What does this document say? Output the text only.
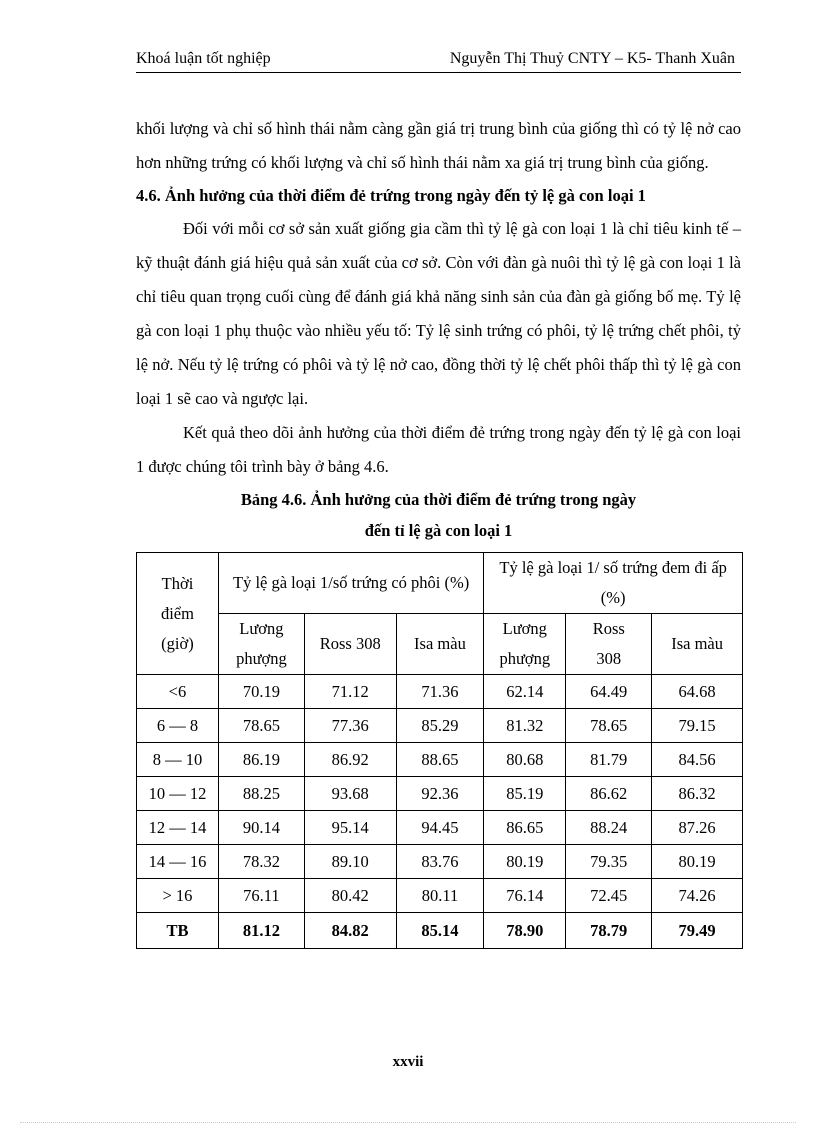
Khoá luận tốt nghiệp	Nguyễn Thị Thuỷ CNTY – K5- Thanh Xuân

khối lượng và chỉ số hình thái nằm càng gần giá trị trung bình của giống thì có tỷ lệ nở cao hơn những trứng có khối lượng và chỉ số hình thái nằm xa giá trị trung bình của giống.

4.6. Ảnh hưởng của thời điểm đẻ trứng trong ngày đến tỷ lệ gà con loại 1

Đối với mỗi cơ sở sản xuất giống gia cầm thì tỷ lệ gà con loại 1 là chỉ tiêu kinh tế – kỹ thuật đánh giá hiệu quả sản xuất của cơ sở. Còn với đàn gà nuôi thì tỷ lệ gà con loại 1 là chỉ tiêu quan trọng cuối cùng để đánh giá khả năng sinh sản của đàn gà giống bố mẹ. Tỷ lệ gà con loại 1 phụ thuộc vào nhiều yếu tố: Tỷ lệ sinh trứng có phôi, tỷ lệ trứng chết phôi, tỷ lệ nở. Nếu tỷ lệ trứng có phôi và tỷ lệ nở cao, đồng thời tỷ lệ chết phôi thấp thì tỷ lệ gà con loại 1 sẽ cao và ngược lại.

Kết quả theo dõi ảnh hưởng của thời điểm đẻ trứng trong ngày đến tỷ lệ gà con loại 1 được chúng tôi trình bày ở bảng 4.6.

Bảng 4.6. Ảnh hưởng của thời điểm đẻ trứng trong ngày

đến tỉ lệ gà con loại 1

Thời điểm (giờ)	Tỷ lệ gà loại 1/số trứng có phôi (%)			Tỷ lệ gà loại 1/ số trứng đem đi ấp (%)		
	Lương phượng	Ross 308	Isa màu	Lương phượng	Ross 308	Isa màu
<6	70.19	71.12	71.36	62.14	64.49	64.68
6 — 8	78.65	77.36	85.29	81.32	78.65	79.15
8 — 10	86.19	86.92	88.65	80.68	81.79	84.56
10 — 12	88.25	93.68	92.36	85.19	86.62	86.32
12 — 14	90.14	95.14	94.45	86.65	88.24	87.26
14 — 16	78.32	89.10	83.76	80.19	79.35	80.19
> 16	76.11	80.42	80.11	76.14	72.45	74.26
TB	81.12	84.82	85.14	78.90	78.79	79.49
xxvii
